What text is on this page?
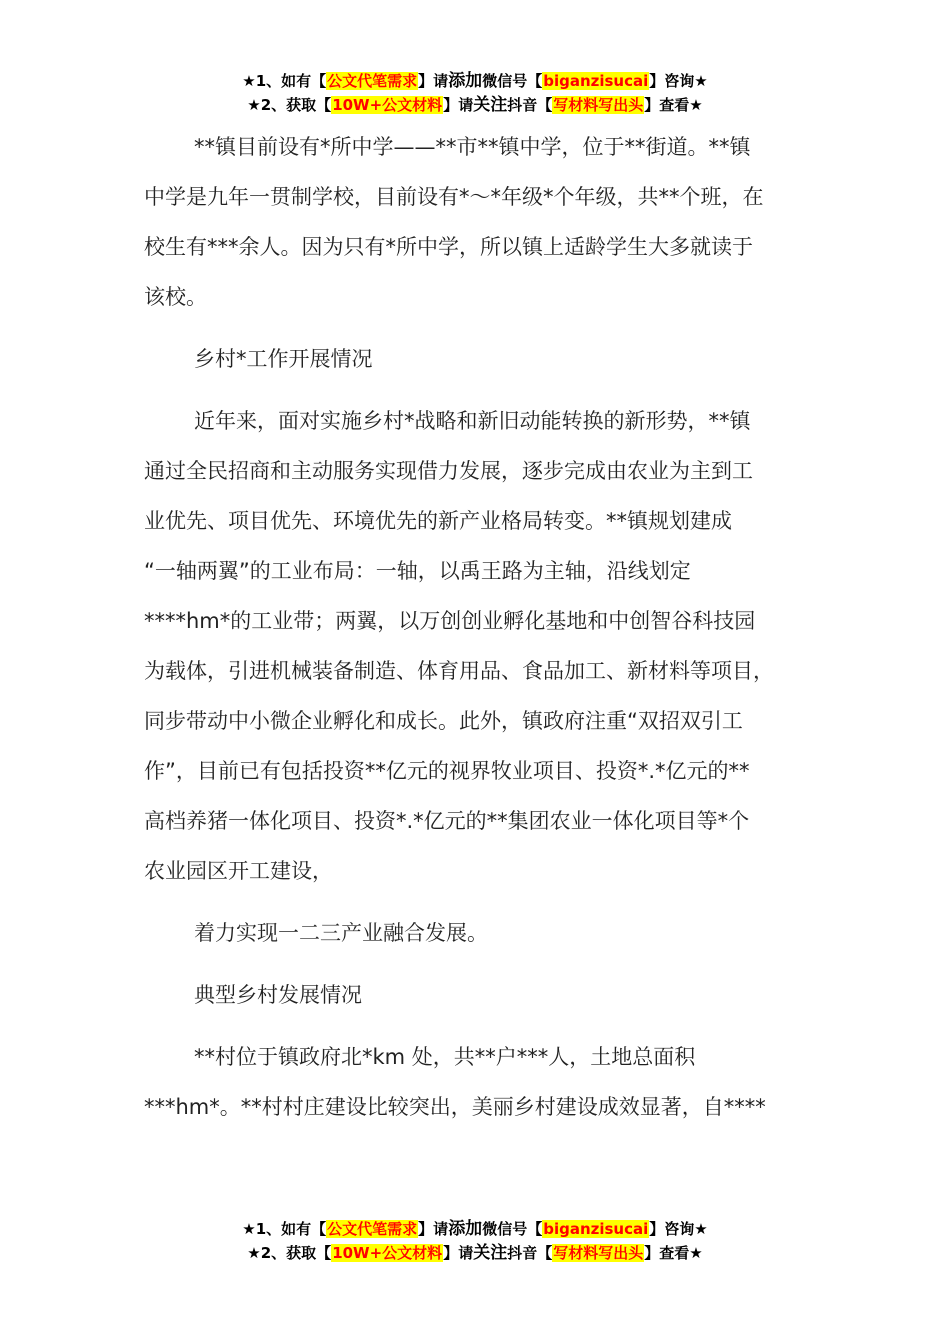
★1、如有【公文代笔需求】请添加微信号【biganzisucai】咨询★
★2、获取【10W+公文材料】请关注抖音【写材料写出头】查看★

**镇目前设有*所中学——**市**镇中学，位于**街道。**镇
中学是九年一贯制学校，目前设有*～*年级*个年级，共**个班，在
校生有***余人。因为只有*所中学，所以镇上适龄学生大多就读于
该校。

乡村*工作开展情况

近年来，面对实施乡村*战略和新旧动能转换的新形势，**镇
通过全民招商和主动服务实现借力发展，逐步完成由农业为主到工
业优先、项目优先、环境优先的新产业格局转变。**镇规划建成
“一轴两翼”的工业布局：一轴，以禹王路为主轴，沿线划定
****hm*的工业带；两翼，以万创创业孵化基地和中创智谷科技园
为载体，引进机械装备制造、体育用品、食品加工、新材料等项目，
同步带动中小微企业孵化和成长。此外，镇政府注重“双招双引工
作”，目前已有包括投资**亿元的视界牧业项目、投资*.*亿元的**
高档养猪一体化项目、投资*.*亿元的**集团农业一体化项目等*个
农业园区开工建设，

着力实现一二三产业融合发展。

典型乡村发展情况

**村位于镇政府北*km 处，共**户***人，土地总面积
***hm*。**村村庄建设比较突出，美丽乡村建设成效显著，自****

★1、如有【公文代笔需求】请添加微信号【biganzisucai】咨询★
★2、获取【10W+公文材料】请关注抖音【写材料写出头】查看★
